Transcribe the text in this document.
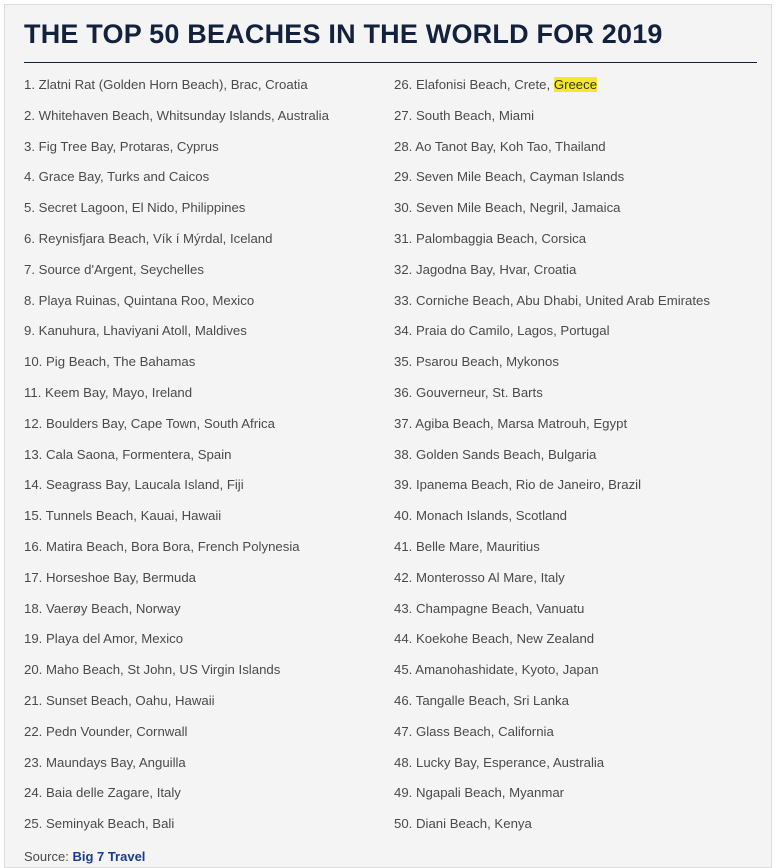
THE TOP 50 BEACHES IN THE WORLD FOR 2019
1. Zlatni Rat (Golden Horn Beach), Brac, Croatia
2. Whitehaven Beach, Whitsunday Islands, Australia
3. Fig Tree Bay, Protaras, Cyprus
4. Grace Bay, Turks and Caicos
5. Secret Lagoon, El Nido, Philippines
6. Reynisfjara Beach, Vík í Mýrdal, Iceland
7. Source d'Argent, Seychelles
8. Playa Ruinas, Quintana Roo, Mexico
9. Kanuhura, Lhaviyani Atoll, Maldives
10. Pig Beach, The Bahamas
11. Keem Bay, Mayo, Ireland
12. Boulders Bay, Cape Town, South Africa
13. Cala Saona, Formentera, Spain
14. Seagrass Bay, Laucala Island, Fiji
15. Tunnels Beach, Kauai, Hawaii
16. Matira Beach, Bora Bora, French Polynesia
17. Horseshoe Bay, Bermuda
18. Vaerøy Beach, Norway
19. Playa del Amor, Mexico
20. Maho Beach, St John, US Virgin Islands
21. Sunset Beach, Oahu, Hawaii
22. Pedn Vounder, Cornwall
23. Maundays Bay, Anguilla
24. Baia delle Zagare, Italy
25. Seminyak Beach, Bali
26. Elafonisi Beach, Crete, Greece
27. South Beach, Miami
28. Ao Tanot Bay, Koh Tao, Thailand
29. Seven Mile Beach, Cayman Islands
30. Seven Mile Beach, Negril, Jamaica
31. Palombaggia Beach, Corsica
32. Jagodna Bay, Hvar, Croatia
33. Corniche Beach, Abu Dhabi, United Arab Emirates
34. Praia do Camilo, Lagos, Portugal
35. Psarou Beach, Mykonos
36. Gouverneur, St. Barts
37. Agiba Beach, Marsa Matrouh, Egypt
38. Golden Sands Beach, Bulgaria
39. Ipanema Beach, Rio de Janeiro, Brazil
40. Monach Islands, Scotland
41. Belle Mare, Mauritius
42. Monterosso Al Mare, Italy
43. Champagne Beach, Vanuatu
44. Koekohe Beach, New Zealand
45. Amanohashidate, Kyoto, Japan
46. Tangalle Beach, Sri Lanka
47. Glass Beach, California
48. Lucky Bay, Esperance, Australia
49. Ngapali Beach, Myanmar
50. Diani Beach, Kenya
Source: Big 7 Travel
